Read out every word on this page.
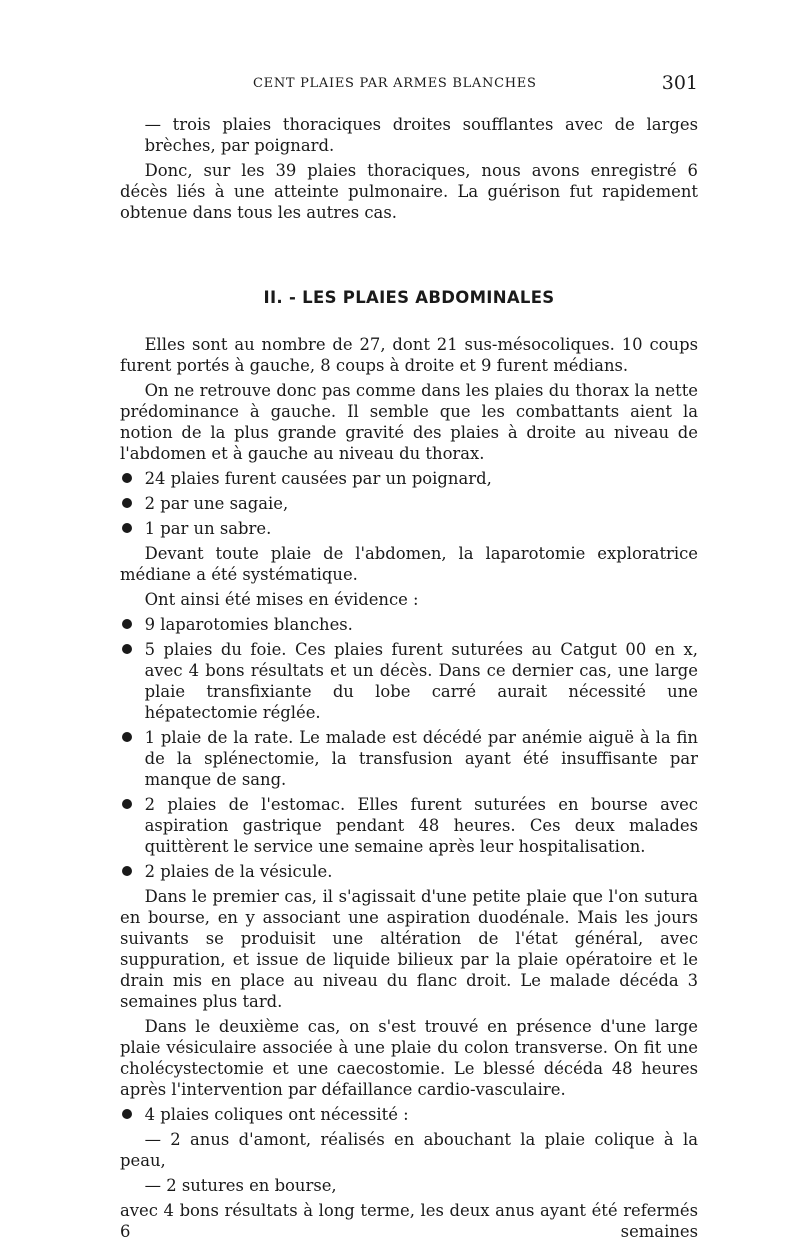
CENT PLAIES PAR ARMES BLANCHES	301

— trois plaies thoraciques droites soufflantes avec de larges brèches, par poignard.

Donc, sur les 39 plaies thoraciques, nous avons enregistré 6 décès liés à une atteinte pulmonaire. La guérison fut rapidement obtenue dans tous les autres cas.

II. - LES PLAIES ABDOMINALES

Elles sont au nombre de 27, dont 21 sus-mésocoliques. 10 coups furent portés à gauche, 8 coups à droite et 9 furent médians.

On ne retrouve donc pas comme dans les plaies du thorax la nette prédominance à gauche. Il semble que les combattants aient la notion de la plus grande gravité des plaies à droite au niveau de l'abdomen et à gauche au niveau du thorax.

24 plaies furent causées par un poignard,
2 par une sagaie,
1 par un sabre.

Devant toute plaie de l'abdomen, la laparotomie exploratrice médiane a été systématique.

Ont ainsi été mises en évidence :

9 laparotomies blanches.
5 plaies du foie. Ces plaies furent suturées au Catgut 00 en x, avec 4 bons résultats et un décès. Dans ce dernier cas, une large plaie transfixiante du lobe carré aurait nécessité une hépatectomie réglée.
1 plaie de la rate. Le malade est décédé par anémie aiguë à la fin de la splénectomie, la transfusion ayant été insuffisante par manque de sang.
2 plaies de l'estomac. Elles furent suturées en bourse avec aspiration gastrique pendant 48 heures. Ces deux malades quittèrent le service une semaine après leur hospitalisation.
2 plaies de la vésicule.

Dans le premier cas, il s'agissait d'une petite plaie que l'on sutura en bourse, en y associant une aspiration duodénale. Mais les jours suivants se produisit une altération de l'état général, avec suppuration, et issue de liquide bilieux par la plaie opératoire et le drain mis en place au niveau du flanc droit. Le malade décéda 3 semaines plus tard.

Dans le deuxième cas, on s'est trouvé en présence d'une large plaie vésiculaire associée à une plaie du colon transverse. On fit une cholécystectomie et une caecostomie. Le blessé décéda 48 heures après l'intervention par défaillance cardio-vasculaire.

4 plaies coliques ont nécessité :

— 2 anus d'amont, réalisés en abouchant la plaie colique à la peau,

— 2 sutures en bourse,

avec 4 bons résultats à long terme, les deux anus ayant été refermés 6 semaines
